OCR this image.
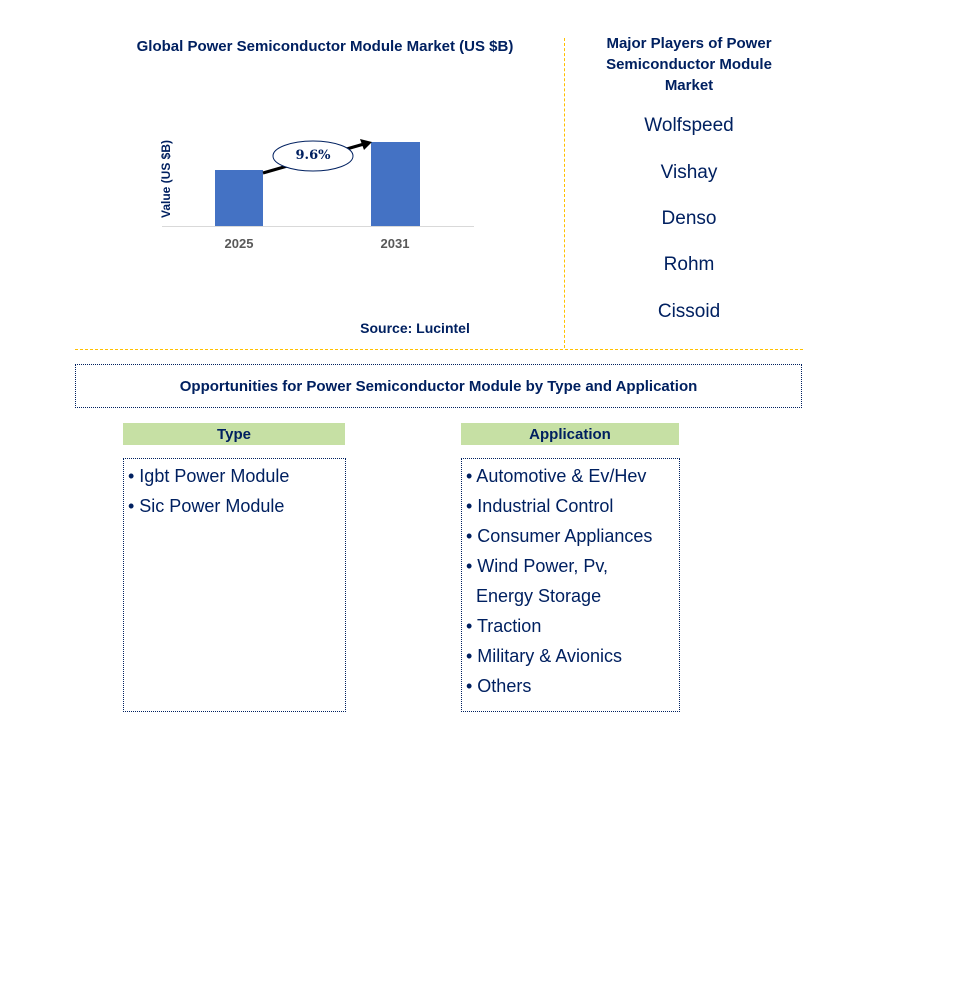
Global Power Semiconductor Module Market (US $B)
Value (US $B)	9.6%
2025	2031
Source: Lucintel
Major Players of Power Semiconductor Module Market
Wolfspeed
Vishay
Denso
Rohm
Cissoid
Opportunities for Power Semiconductor Module by Type and Application
Type
• Igbt Power Module
• Sic Power Module
Application
• Automotive & Ev/Hev
• Industrial Control
• Consumer Appliances
• Wind Power, Pv,
Energy Storage
• Traction
• Military & Avionics
• Others
